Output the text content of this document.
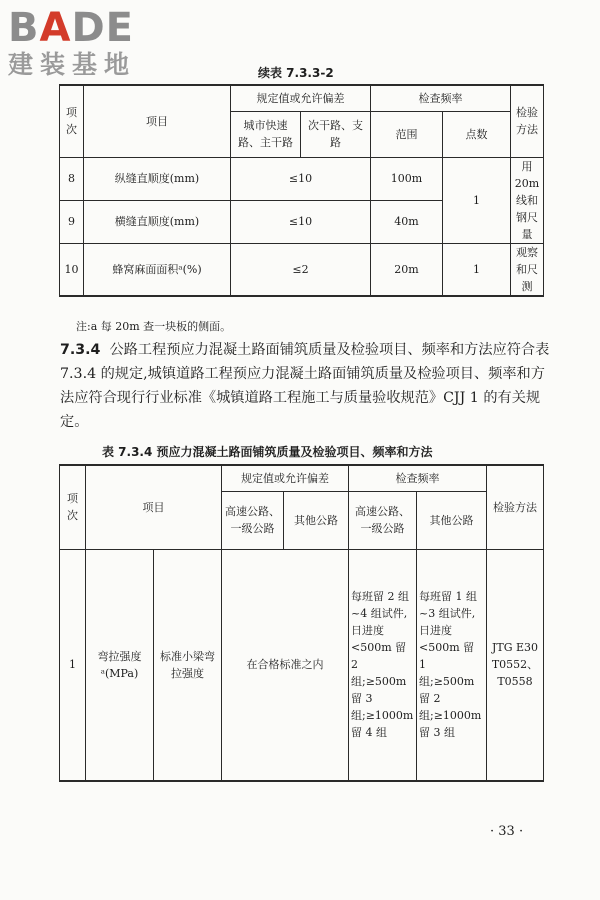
BADE
建装基地	续表 7.3.3-2
项次	项目	规定值或允许偏差		检查频率		检验方法
		城市快速路、主干路	次干路、支路	范围	点数	
8	纵缝直顺度(mm)	≤10		100m	1	用 20m 线和钢尺量
9	横缝直顺度(mm)	≤10		40m		
10	蜂窝麻面面积ᵃ(%)	≤2		20m	1	观察和尺测
注:a 每 20m 查一块板的侧面。
7.3.4 公路工程预应力混凝土路面铺筑质量及检验项目、频率和方法应符合表 7.3.4 的规定,城镇道路工程预应力混凝土路面铺筑质量及检验项目、频率和方法应符合现行行业标准《城镇道路工程施工与质量验收规范》CJJ 1 的有关规定。
表 7.3.4 预应力混凝土路面铺筑质量及检验项目、频率和方法
项次	项目		规定值或允许偏差		检查频率		检验方法
			高速公路、一级公路	其他公路	高速公路、一级公路	其他公路	
1	弯拉强度ᵃ(MPa)	标准小梁弯拉强度	在合格标准之内		每班留 2 组~4 组试件,日进度<500m 留 2 组;≥500m 留 3 组;≥1000m 留 4 组	每班留 1 组~3 组试件,日进度<500m 留 1 组;≥500m 留 2 组;≥1000m 留 3 组	JTG E30 T0552、T0558
· 33 ·
